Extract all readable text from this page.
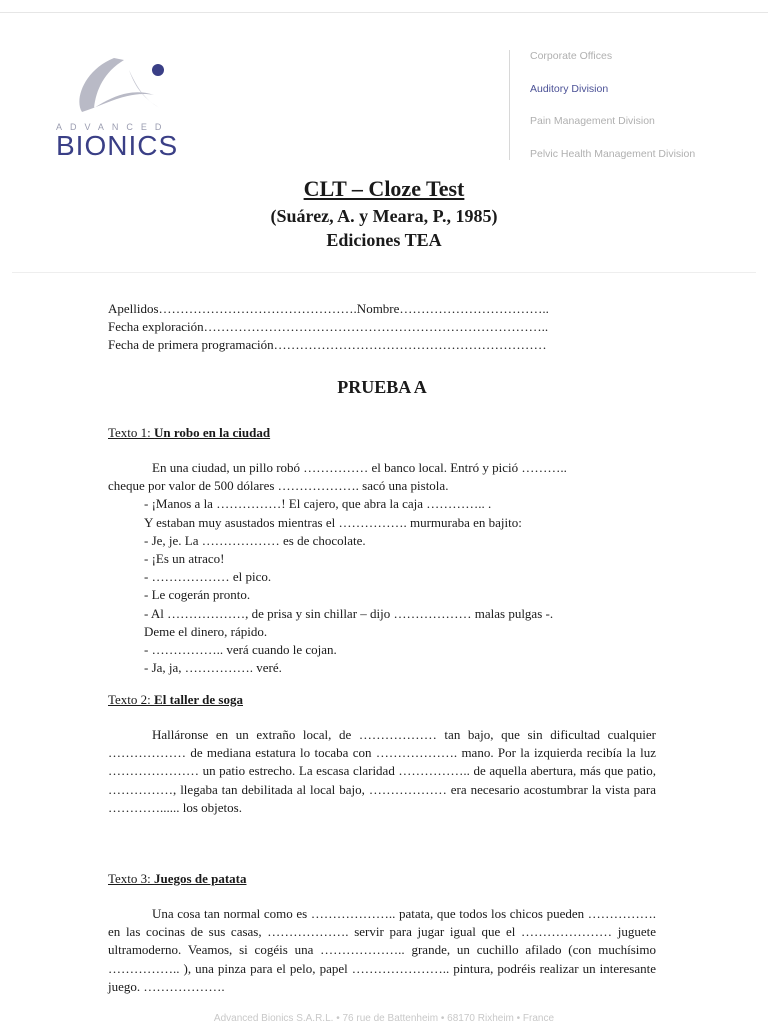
ADVANCED
BIONICS
Corporate Offices
Auditory Division
Pain Management Division
Pelvic Health Management Division
CLT – Cloze Test
(Suárez, A. y Meara, P., 1985)
Ediciones TEA
Apellidos……………………………………….Nombre……………………………..
Fecha exploración……………………………………………………………………..
Fecha de primera programación………………………………………………………
PRUEBA A
Texto 1: Un robo en la ciudad
En una ciudad, un pillo robó …………… el banco local. Entró y pició ………..
cheque por valor de 500 dólares ………………. sacó una pistola.
- ¡Manos a la ……………! El cajero, que abra la caja ………….. .
Y estaban muy asustados mientras el ……………. murmuraba en bajito:
- Je, je. La ……………… es de chocolate.
- ¡Es un atraco!
- ……………… el pico.
- Le cogerán pronto.
- Al ………………, de prisa y sin chillar – dijo ……………… malas pulgas -.
Deme el dinero, rápido.
- …………….. verá cuando le cojan.
- Ja, ja, ……………. veré.
Texto 2: El taller de soga
Halláronse en un extraño local, de ……………… tan bajo, que sin dificultad cualquier ……………… de mediana estatura lo tocaba con ………………. mano. Por la izquierda recibía la luz ………………… un patio estrecho. La escasa claridad …………….. de aquella abertura, más que patio, ……………, llegaba tan debilitada al local bajo, ……………… era necesario acostumbrar la vista para …………...... los objetos.
Texto 3: Juegos de patata
Una cosa tan normal como es ……………….. patata, que todos los chicos pueden ……………. en las cocinas de sus casas, ………………. servir para jugar igual que el ………………… juguete ultramoderno. Veamos, si cogéis una ……………….. grande, un cuchillo afilado (con muchísimo …………….. ), una pinza para el pelo, papel ………………….. pintura, podréis realizar un interesante juego. ……………….
Advanced Bionics S.A.R.L. • 76 rue de Battenheim • 68170 Rixheim • France
